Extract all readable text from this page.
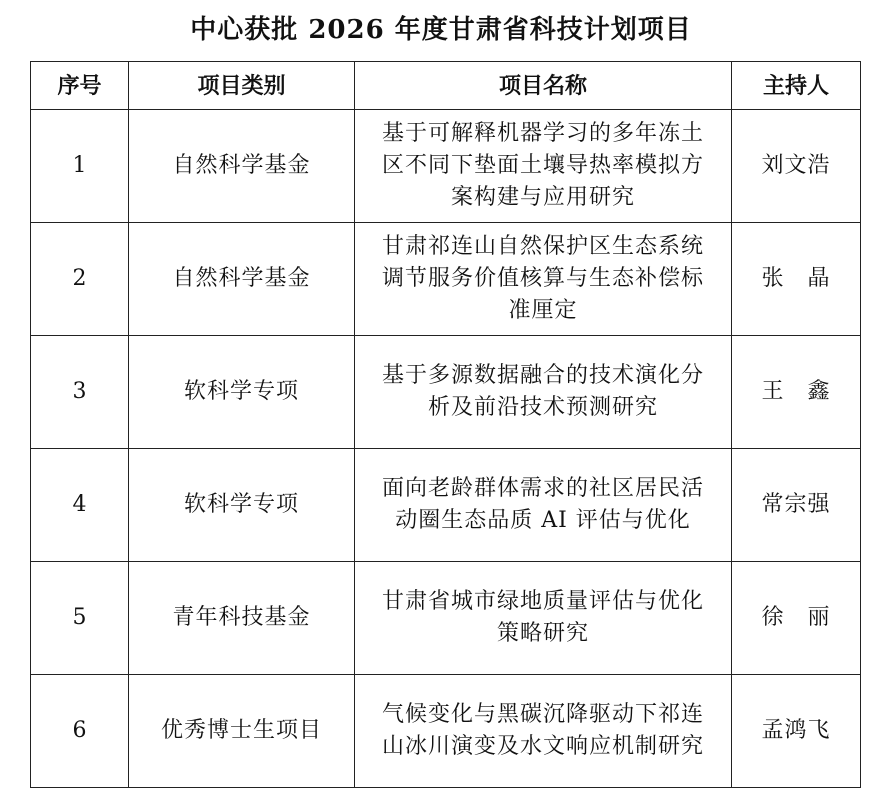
中心获批 2026 年度甘肃省科技计划项目
序号	项目类别	项目名称	主持人
1	自然科学基金	基于可解释机器学习的多年冻土区不同下垫面土壤导热率模拟方案构建与应用研究	刘文浩
2	自然科学基金	甘肃祁连山自然保护区生态系统调节服务价值核算与生态补偿标准厘定	张　晶
3	软科学专项	基于多源数据融合的技术演化分析及前沿技术预测研究	王　鑫
4	软科学专项	面向老龄群体需求的社区居民活动圈生态品质 AI 评估与优化	常宗强
5	青年科技基金	甘肃省城市绿地质量评估与优化策略研究	徐　丽
6	优秀博士生项目	气候变化与黑碳沉降驱动下祁连山冰川演变及水文响应机制研究	孟鸿飞
